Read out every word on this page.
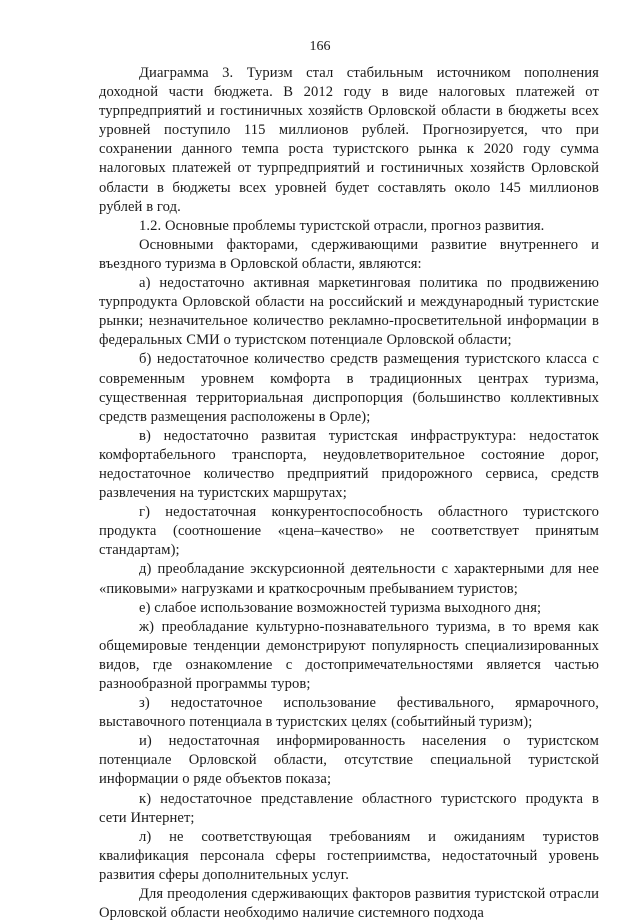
166

Диаграмма 3. Туризм стал стабильным источником пополнения доходной части бюджета. В 2012 году в виде налоговых платежей от турпредприятий и гостиничных хозяйств Орловской области в бюджеты всех уровней поступило 115 миллионов рублей. Прогнозируется, что при сохранении данного темпа роста туристского рынка к 2020 году сумма налоговых платежей от турпредприятий и гостиничных хозяйств Орловской области в бюджеты всех уровней будет составлять около 145 миллионов рублей в год.

1.2. Основные проблемы туристской отрасли, прогноз развития.

Основными факторами, сдерживающими развитие внутреннего и въездного туризма в Орловской области, являются:

а) недостаточно активная маркетинговая политика по продвижению турпродукта Орловской области на российский и международный туристские рынки; незначительное количество рекламно-просветительной информации в федеральных СМИ о туристском потенциале Орловской области;

б) недостаточное количество средств размещения туристского класса с современным уровнем комфорта в традиционных центрах туризма, существенная территориальная диспропорция (большинство коллективных средств размещения расположены в Орле);

в) недостаточно развитая туристская инфраструктура: недостаток комфортабельного транспорта, неудовлетворительное состояние дорог, недостаточное количество предприятий придорожного сервиса, средств развлечения на туристских маршрутах;

г) недостаточная конкурентоспособность областного туристского продукта (соотношение «цена–качество» не соответствует принятым стандартам);

д) преобладание экскурсионной деятельности с характерными для нее «пиковыми» нагрузками и краткосрочным пребыванием туристов;

е) слабое использование возможностей туризма выходного дня;

ж) преобладание культурно-познавательного туризма, в то время как общемировые тенденции демонстрируют популярность специализированных видов, где ознакомление с достопримечательностями является частью разнообразной программы туров;

з) недостаточное использование фестивального, ярмарочного, выставочного потенциала в туристских целях (событийный туризм);

и) недостаточная информированность населения о туристском потенциале Орловской области, отсутствие специальной туристской информации о ряде объектов показа;

к) недостаточное представление областного туристского продукта в сети Интернет;

л) не соответствующая требованиям и ожиданиям туристов квалификация персонала сферы гостеприимства, недостаточный уровень развития сферы дополнительных услуг.

Для преодоления сдерживающих факторов развития туристской отрасли Орловской области необходимо наличие системного подхода
